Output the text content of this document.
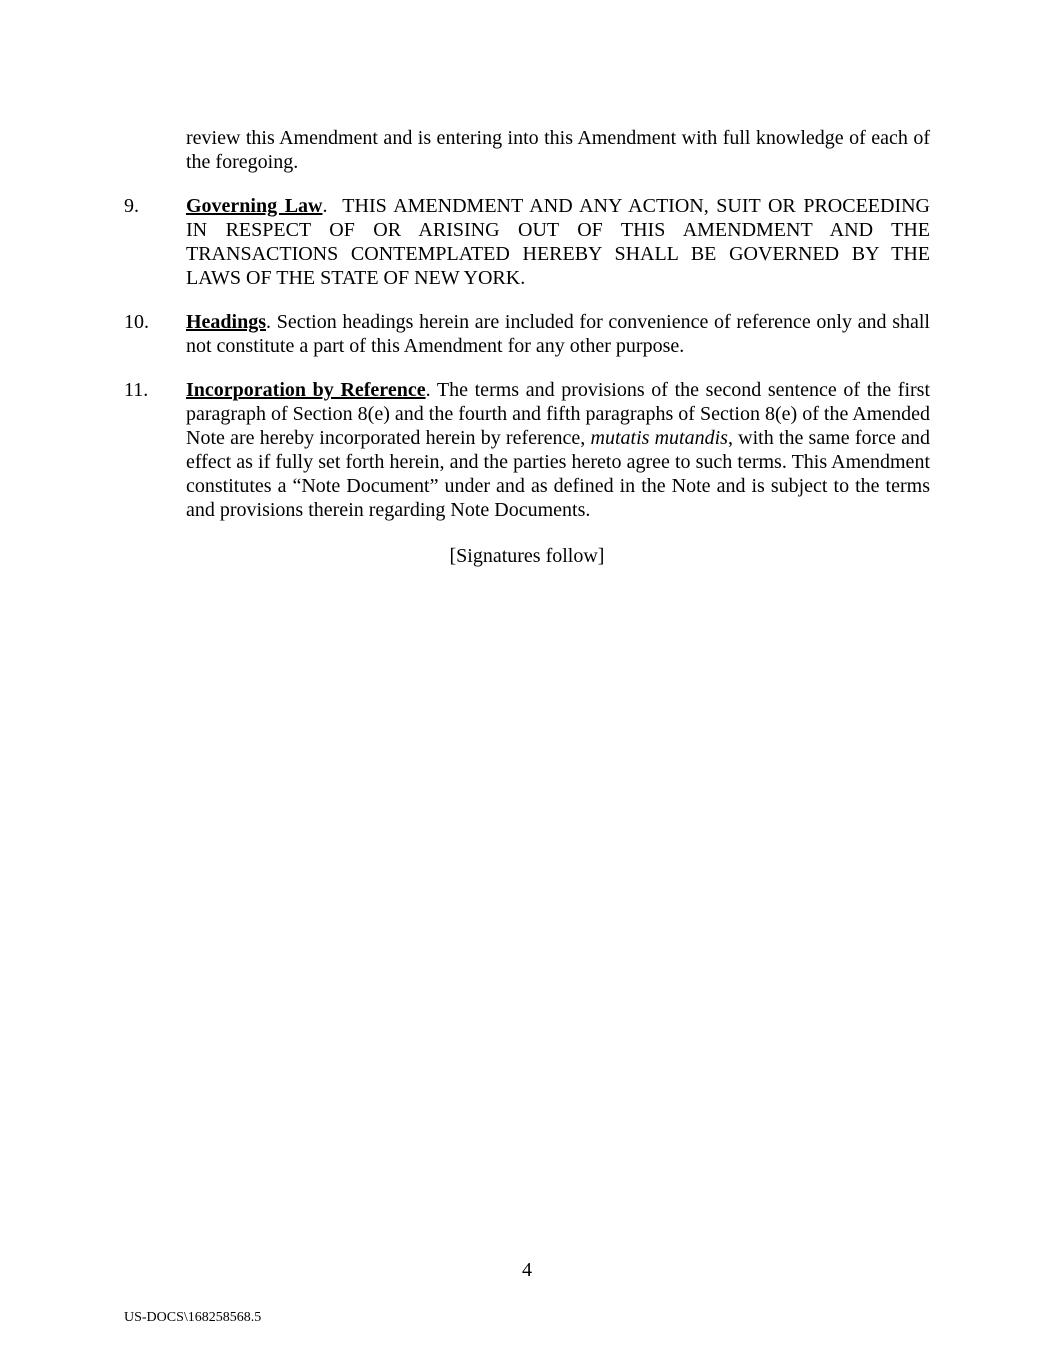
review this Amendment and is entering into this Amendment with full knowledge of each of the foregoing.

9.	Governing Law.  THIS AMENDMENT AND ANY ACTION, SUIT OR PROCEEDING IN RESPECT OF OR ARISING OUT OF THIS AMENDMENT AND THE TRANSACTIONS CONTEMPLATED HEREBY SHALL BE GOVERNED BY THE LAWS OF THE STATE OF NEW YORK.
10.	Headings. Section headings herein are included for convenience of reference only and shall not constitute a part of this Amendment for any other purpose.
11.	Incorporation by Reference. The terms and provisions of the second sentence of the first paragraph of Section 8(e) and the fourth and fifth paragraphs of Section 8(e) of the Amended Note are hereby incorporated herein by reference, mutatis mutandis, with the same force and effect as if fully set forth herein, and the parties hereto agree to such terms. This Amendment constitutes a “Note Document” under and as defined in the Note and is subject to the terms and provisions therein regarding Note Documents.

[Signatures follow]

4
US-DOCS\168258568.5
